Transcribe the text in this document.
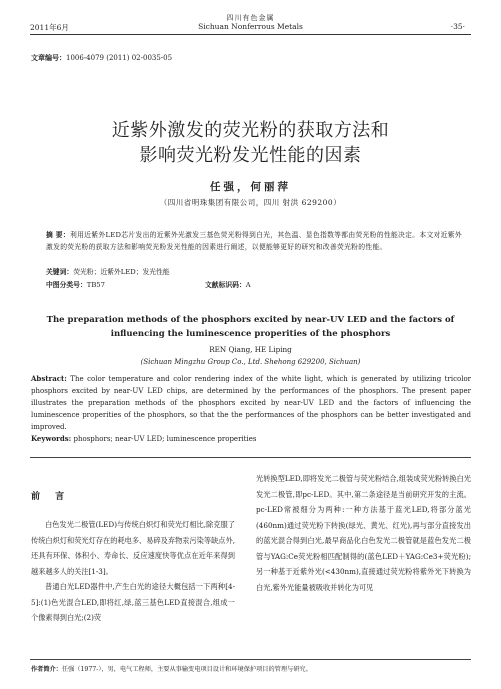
四川有色金属
2011年6月	Sichuan Nonferrous Metals	·35·
文章编号：1006-4079 (2011) 02-0035-05
近紫外激发的荧光粉的获取方法和
影响荧光粉发光性能的因素
任强，何丽萍
（四川省明珠集团有限公司，四川 射洪 629200）
摘 要：利用近紫外LED芯片发出的近紫外光激发三基色荧光粉得到白光，其色温、显色指数等都由荧光粉的性能决定。本文对近紫外激发的荧光粉的获取方法和影响荧光粉发光性能的因素进行阐述，以便能够更好的研究和改善荧光粉的性能。
关键词：荧光粉；近紫外LED；发光性能
中图分类号：TB57	文献标识码：A
The preparation methods of the phosphors excited by near-UV LED and the factors of
influencing the luminescence properities of the phosphors
REN Qiang, HE Liping
(Sichuan Mingzhu Group Co., Ltd. Shehong 629200, Sichuan)
Abstract: The color temperature and color rendering index of the white light, which is generated by utilizing tricolor phosphors excited by near-UV LED chips, are determined by the performances of the phosphors. The present paper illustrates the preparation methods of the phosphors excited by near-UV LED and the factors of influencing the luminescence properities of the phosphors, so that the the performances of the phosphors can be better investigated and improved.
Keywords: phosphors; near-UV LED; luminescence properities
前 言

白色发光二极管(LED)与传统白炽灯和荧光灯相比,除克服了传统白炽灯和荧光灯存在的耗电多、易碎及弃物汞污染等缺点外,还具有环保、体积小、寿命长、反应速度快等优点在近年来得到越来越多人的关注[1-3]。

普通白光LED器件中,产生白光的途径大概包括一下两种[4-5]:(1)色光混合LED,即将红,绿,蓝三基色LED直接混合,组成一个像素得到白光;(2)荧

光转换型LED,即将发光二极管与荧光粉结合,组装成荧光粉转换白光发光二极管,即pc-LED。其中,第二条途径是当前研究开发的主流。pc-LED常被细分为两种:一种方法基于蓝光LED,将部分蓝光(460nm)通过荧光粉下转换(绿光、黄光、红光),再与部分直接发出的蓝光混合得到白光,最早商品化白色发光二极管就是蓝色发光二极管与YAG:Ce荧光粉相匹配制得的(蓝色LED＋YAG:Ce3+荧光粉);另一种基于近紫外光(<430nm),直接通过荧光粉将紫外光下转换为白光,紫外光能量被吸收并转化为可见

作者简介：任强（1977-），男，电气工程师，主要从事输变电项目设计和环境保护项目的管理与研究。
